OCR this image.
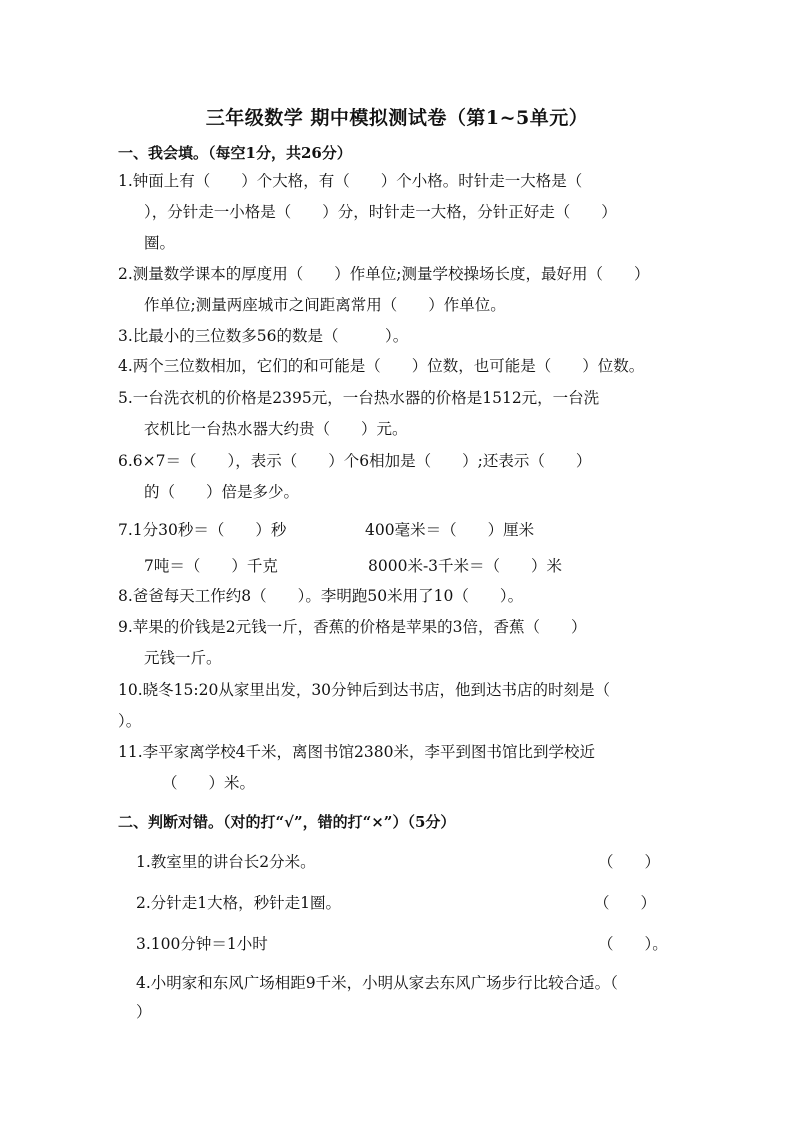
三年级数学 期中模拟测试卷（第1~5单元）
一、我会填。（每空1分，共26分）
1.钟面上有（　　）个大格，有（　　）个小格。时针走一大格是（
），分针走一小格是（　　）分，时针走一大格，分针正好走（　　）
圈。
2.测量数学课本的厚度用（　　）作单位;测量学校操场长度，最好用（　　）
作单位;测量两座城市之间距离常用（　　）作单位。
3.比最小的三位数多56的数是（　　　）。
4.两个三位数相加，它们的和可能是（　　）位数，也可能是（　　）位数。
5.一台洗衣机的价格是2395元，一台热水器的价格是1512元，一台洗
衣机比一台热水器大约贵（　　）元。
6.6×7＝（　　），表示（　　）个6相加是（　　）;还表示（　　）
的（　　）倍是多少。
7.1分30秒＝（　　）秒	400毫米＝（　　）厘米
7吨＝（　　）千克	8000米-3千米＝（　　）米
8.爸爸每天工作约8（　　）。李明跑50米用了10（　　）。
9.苹果的价钱是2元钱一斤，香蕉的价格是苹果的3倍，香蕉（　　）
元钱一斤。
10.晓冬15:20从家里出发，30分钟后到达书店，他到达书店的时刻是（
）。
11.李平家离学校4千米，离图书馆2380米，李平到图书馆比到学校近
（　　）米。
二、判断对错。（对的打“√”，错的打“×”）（5分）
1.教室里的讲台长2分米。	（　　）
2.分针走1大格，秒针走1圈。	（　　）
3.100分钟＝1小时	（　　）。
4.小明家和东风广场相距9千米，小明从家去东风广场步行比较合适。（
）
